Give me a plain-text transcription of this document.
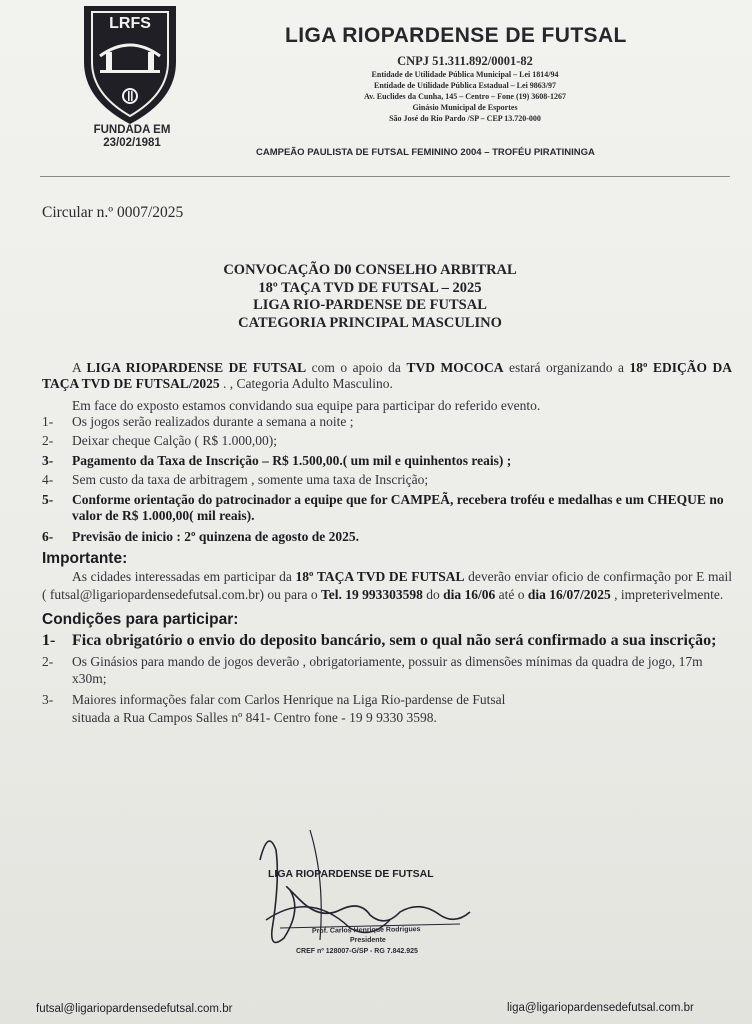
LRFS
FUNDADA EM
23/02/1981
LIGA RIOPARDENSE DE FUTSAL
CNPJ 51.311.892/0001-82
Entidade de Utilidade Pública Municipal – Lei 1814/94
Entidade de Utilidade Pública Estadual – Lei 9863/97
Av. Euclides da Cunha, 145 – Centro – Fone (19) 3608-1267
Ginásio Municipal de Esportes
São José do Rio Pardo /SP – CEP 13.720-000
CAMPEÃO PAULISTA DE FUTSAL FEMININO 2004 – TROFÉU PIRATININGA
Circular n.º 0007/2025
CONVOCAÇÃO D0 CONSELHO ARBITRAL
18º TAÇA TVD DE FUTSAL – 2025
LIGA RIO-PARDENSE DE FUTSAL
CATEGORIA PRINCIPAL MASCULINO

A LIGA RIOPARDENSE DE FUTSAL com o apoio da TVD MOCOCA estará organizando a 18º EDIÇÃO DA TAÇA TVD DE FUTSAL/2025 . , Categoria Adulto Masculino.

Em face do exposto estamos convidando sua equipe para participar do referido evento.

1-	Os jogos serão realizados durante a semana a noite ;
2-	Deixar cheque Calção ( R$ 1.000,00);
3-	Pagamento da Taxa de Inscrição – R$ 1.500,00.( um mil e quinhentos reais) ;
4-	Sem custo da taxa de arbitragem , somente uma taxa de Inscrição;
5-	Conforme orientação do patrocinador a equipe que for CAMPEÃ, recebera troféu e medalhas e um CHEQUE no valor de R$ 1.000,00( mil reais).
6-	Previsão de inicio : 2º quinzena de agosto de 2025.
Importante:

As cidades interessadas em participar da 18º TAÇA TVD DE FUTSAL deverão enviar oficio de confirmação por E mail ( futsal@ligariopardensedefutsal.com.br) ou para o Tel. 19 993303598 do dia 16/06 até o dia 16/07/2025 , impreterivelmente.

Condições para participar:
1-	Fica obrigatório o envio do deposito bancário, sem o qual não será confirmado a sua inscrição;
2-	Os Ginásios para mando de jogos deverão , obrigatoriamente, possuir as dimensões mínimas da quadra de jogo, 17m x30m;
3-	Maiores informações falar com Carlos Henrique na Liga Rio-pardense de Futsal situada a Rua Campos Salles nº 841- Centro fone - 19 9 9330 3598.
LIGA RIOPARDENSE DE FUTSAL
Prof. Carlos Henrique Rodrigues
Presidente
CREF nº 128007-G/SP - RG 7.842.925
futsal@ligariopardensedefutsal.com.br	liga@ligariopardensedefutsal.com.br
